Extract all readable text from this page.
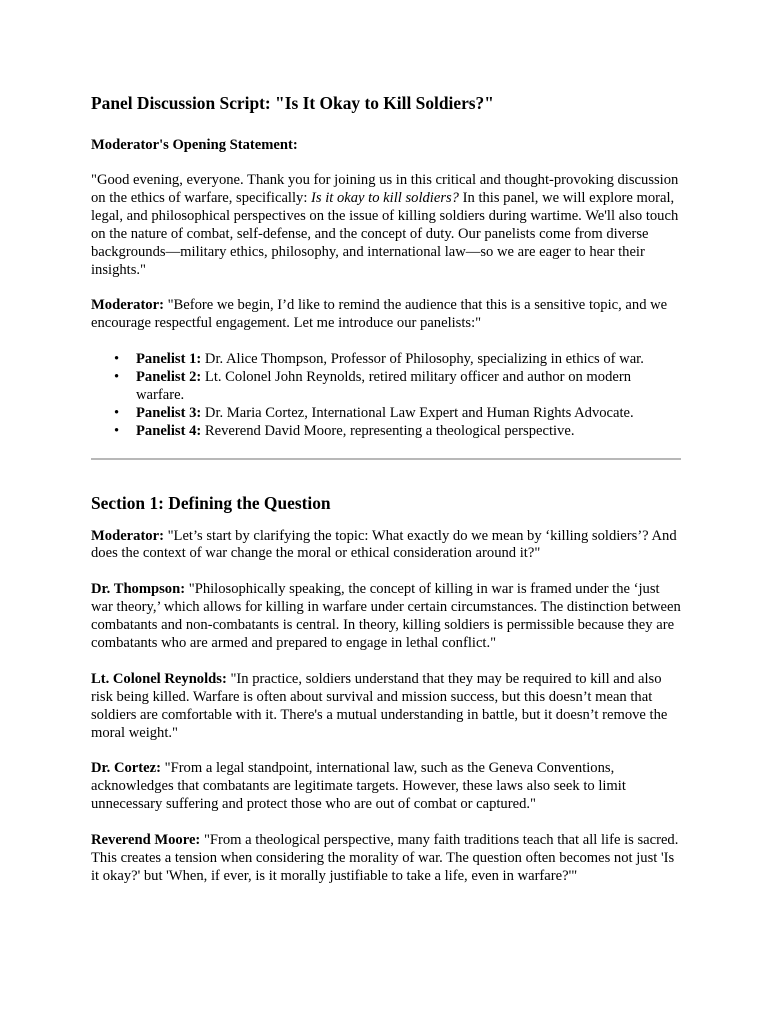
Panel Discussion Script: "Is It Okay to Kill Soldiers?"
Moderator's Opening Statement:

"Good evening, everyone. Thank you for joining us in this critical and thought-provoking discussion on the ethics of warfare, specifically: Is it okay to kill soldiers? In this panel, we will explore moral, legal, and philosophical perspectives on the issue of killing soldiers during wartime. We'll also touch on the nature of combat, self-defense, and the concept of duty. Our panelists come from diverse backgrounds—military ethics, philosophy, and international law—so we are eager to hear their insights."

Moderator: "Before we begin, I’d like to remind the audience that this is a sensitive topic, and we encourage respectful engagement. Let me introduce our panelists:"

• Panelist 1: Dr. Alice Thompson, Professor of Philosophy, specializing in ethics of war.
• Panelist 2: Lt. Colonel John Reynolds, retired military officer and author on modern warfare.
• Panelist 3: Dr. Maria Cortez, International Law Expert and Human Rights Advocate.
• Panelist 4: Reverend David Moore, representing a theological perspective.
Section 1: Defining the Question

Moderator: "Let’s start by clarifying the topic: What exactly do we mean by ‘killing soldiers’? And does the context of war change the moral or ethical consideration around it?"

Dr. Thompson: "Philosophically speaking, the concept of killing in war is framed under the ‘just war theory,’ which allows for killing in warfare under certain circumstances. The distinction between combatants and non-combatants is central. In theory, killing soldiers is permissible because they are combatants who are armed and prepared to engage in lethal conflict."

Lt. Colonel Reynolds: "In practice, soldiers understand that they may be required to kill and also risk being killed. Warfare is often about survival and mission success, but this doesn’t mean that soldiers are comfortable with it. There's a mutual understanding in battle, but it doesn’t remove the moral weight."

Dr. Cortez: "From a legal standpoint, international law, such as the Geneva Conventions, acknowledges that combatants are legitimate targets. However, these laws also seek to limit unnecessary suffering and protect those who are out of combat or captured."

Reverend Moore: "From a theological perspective, many faith traditions teach that all life is sacred. This creates a tension when considering the morality of war. The question often becomes not just 'Is it okay?' but 'When, if ever, is it morally justifiable to take a life, even in warfare?'"
